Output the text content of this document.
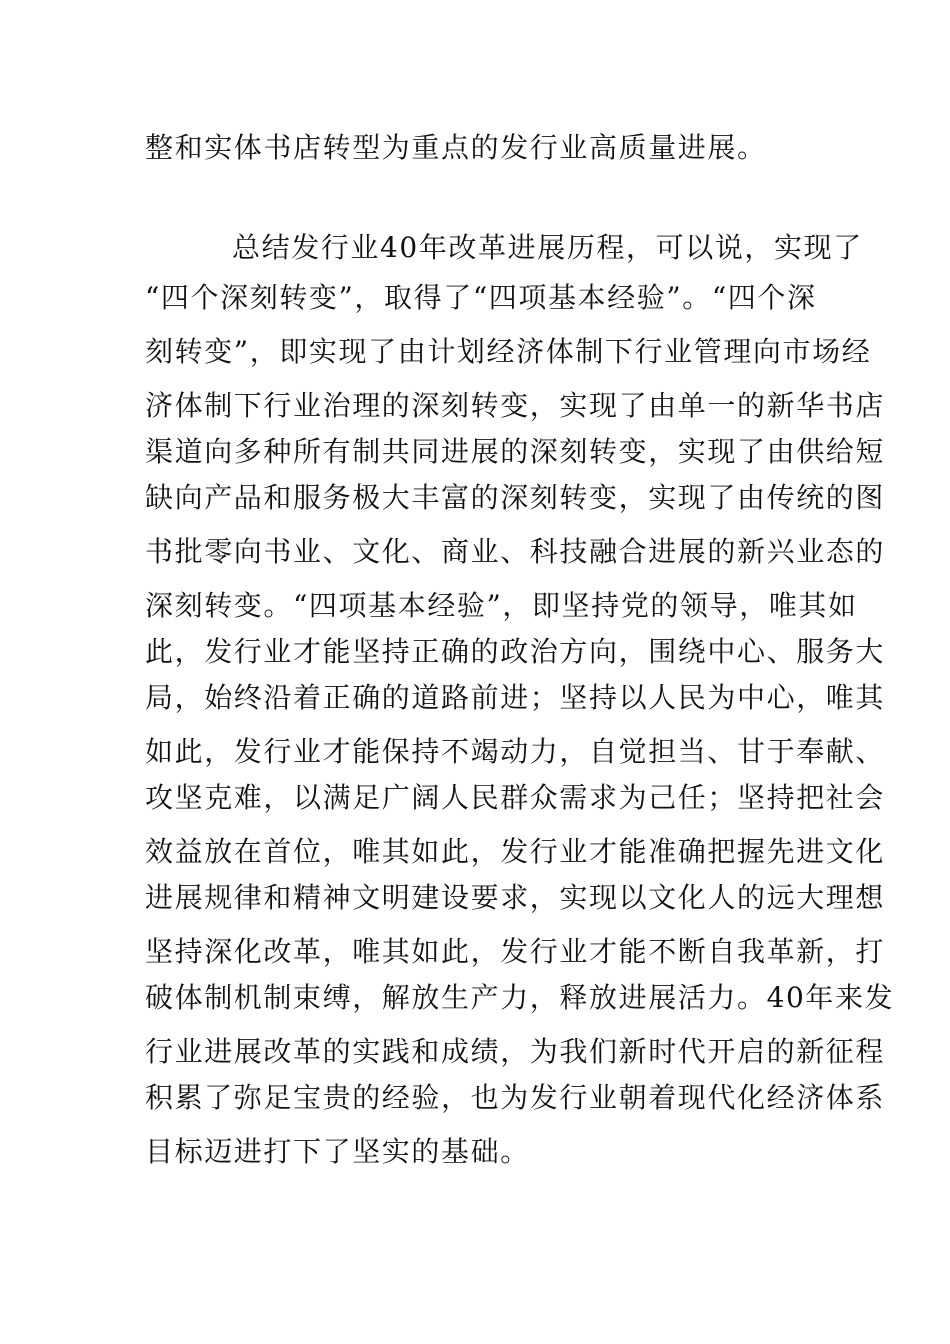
整和实体书店转型为重点的发行业高质量进展。
总结发行业40年改革进展历程，可以说，实现了
“四个深刻转变”，取得了“四项基本经验”。“四个深
刻转变”，即实现了由计划经济体制下行业管理向市场经
济体制下行业治理的深刻转变，实现了由单一的新华书店
渠道向多种所有制共同进展的深刻转变，实现了由供给短
缺向产品和服务极大丰富的深刻转变，实现了由传统的图
书批零向书业、文化、商业、科技融合进展的新兴业态的
深刻转变。“四项基本经验”，即坚持党的领导，唯其如
此，发行业才能坚持正确的政治方向，围绕中心、服务大
局，始终沿着正确的道路前进；坚持以人民为中心，唯其
如此，发行业才能保持不竭动力，自觉担当、甘于奉献、
攻坚克难，以满足广阔人民群众需求为己任；坚持把社会
效益放在首位，唯其如此，发行业才能准确把握先进文化
进展规律和精神文明建设要求，实现以文化人的远大理想
坚持深化改革，唯其如此，发行业才能不断自我革新，打
破体制机制束缚，解放生产力，释放进展活力。40年来发
行业进展改革的实践和成绩，为我们新时代开启的新征程
积累了弥足宝贵的经验，也为发行业朝着现代化经济体系
目标迈进打下了坚实的基础。
